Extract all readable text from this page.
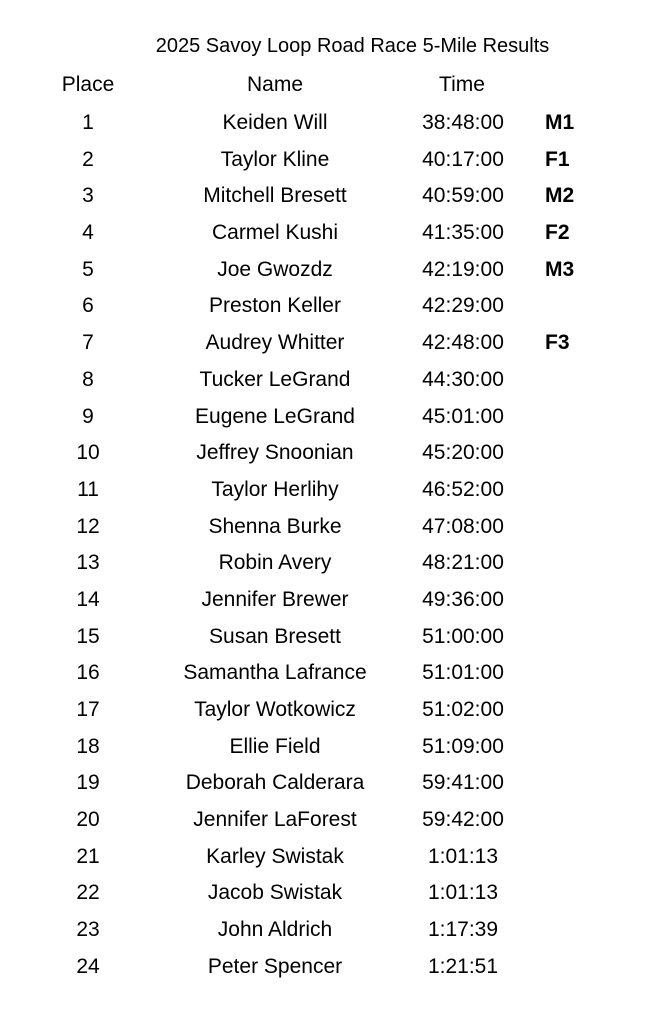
2025 Savoy Loop Road Race 5-Mile Results
Place	Name	Time
1	Keiden Will	38:48:00	M1
2	Taylor Kline	40:17:00	F1
3	Mitchell Bresett	40:59:00	M2
4	Carmel Kushi	41:35:00	F2
5	Joe Gwozdz	42:19:00	M3
6	Preston Keller	42:29:00
7	Audrey Whitter	42:48:00	F3
8	Tucker LeGrand	44:30:00
9	Eugene LeGrand	45:01:00
10	Jeffrey Snoonian	45:20:00
11	Taylor Herlihy	46:52:00
12	Shenna Burke	47:08:00
13	Robin Avery	48:21:00
14	Jennifer Brewer	49:36:00
15	Susan Bresett	51:00:00
16	Samantha Lafrance	51:01:00
17	Taylor Wotkowicz	51:02:00
18	Ellie Field	51:09:00
19	Deborah Calderara	59:41:00
20	Jennifer LaForest	59:42:00
21	Karley Swistak	1:01:13
22	Jacob Swistak	1:01:13
23	John Aldrich	1:17:39
24	Peter Spencer	1:21:51
